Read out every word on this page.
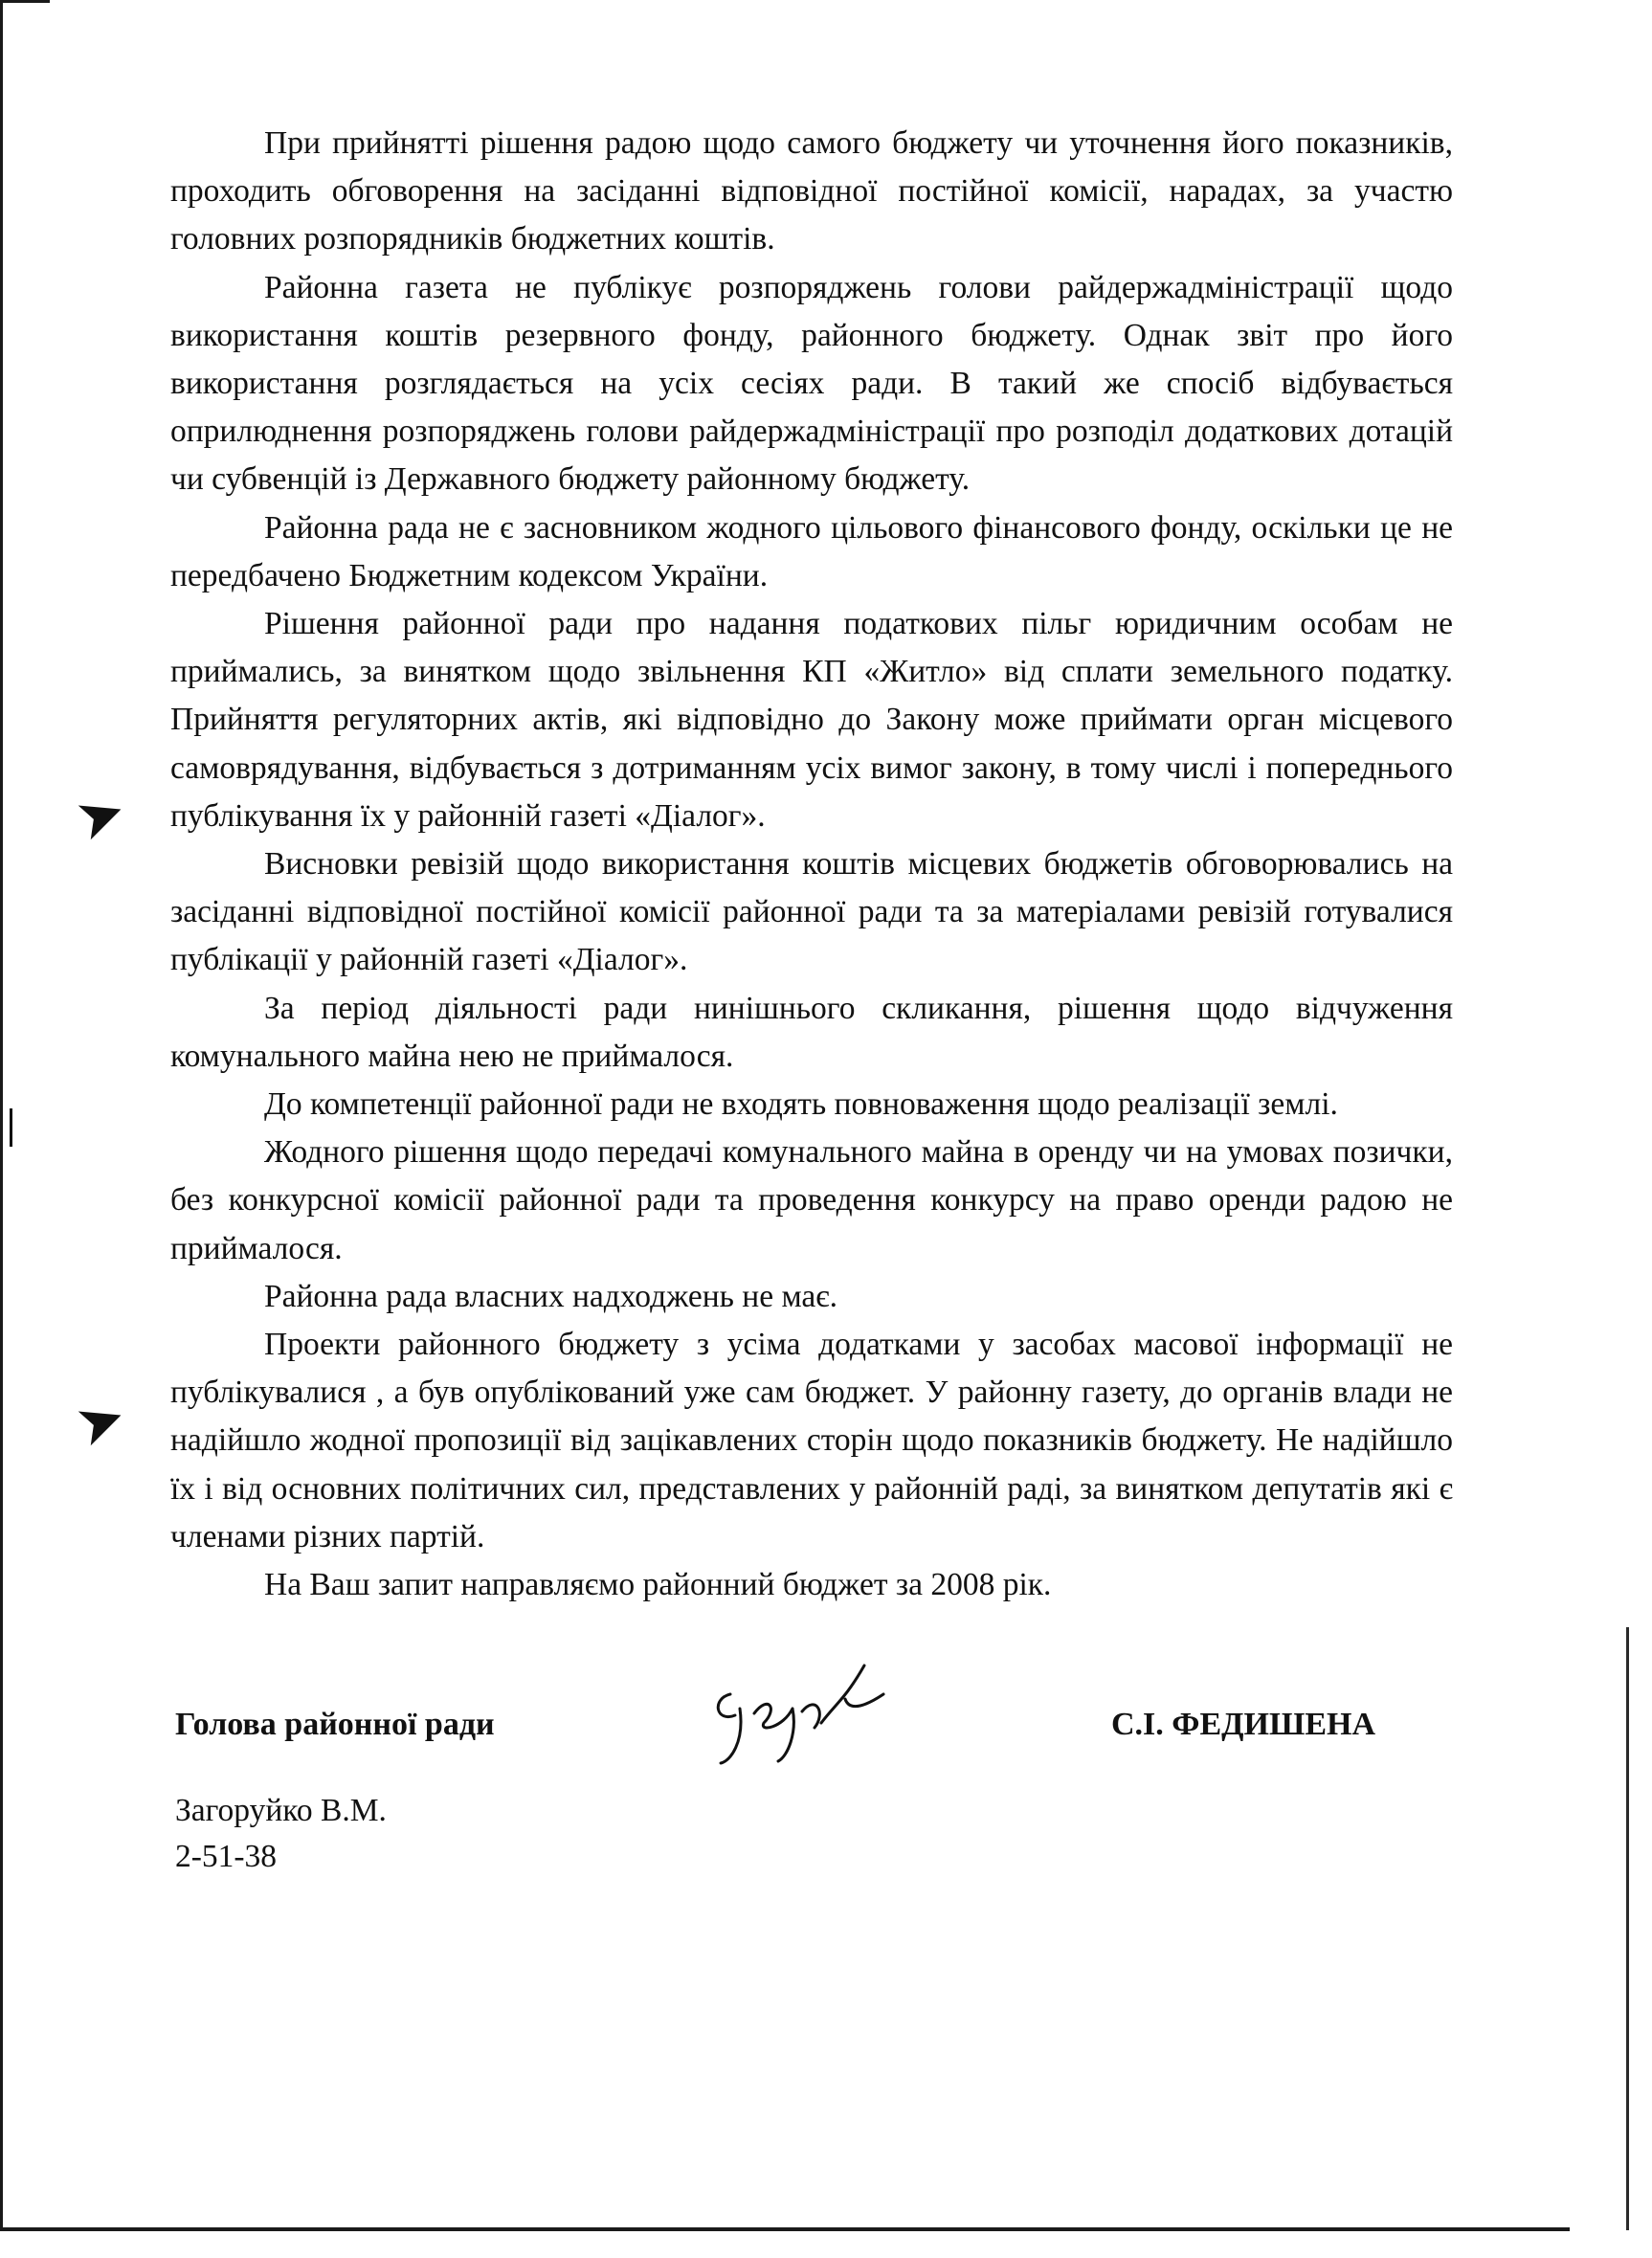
➤
➤

При прийнятті рішення радою щодо самого бюджету чи уточнення його показників, проходить обговорення на засіданні відповідної постійної комісії, нарадах, за участю головних розпорядників бюджетних коштів.

Районна газета не публікує розпоряджень голови райдержадміністрації щодо використання коштів резервного фонду, районного бюджету. Однак звіт про його використання розглядається на усіх сесіях ради. В такий же спосіб відбувається оприлюднення розпоряджень голови райдержадміністрації про розподіл додаткових дотацій чи субвенцій із Державного бюджету районному бюджету.

Районна рада не є засновником жодного цільового фінансового фонду, оскільки це не передбачено Бюджетним кодексом України.

Рішення районної ради про надання податкових пільг юридичним особам не приймались, за винятком щодо звільнення КП «Житло» від сплати земельного податку. Прийняття регуляторних актів, які відповідно до Закону може приймати орган місцевого самоврядування, відбувається з дотриманням усіх вимог закону, в тому числі і попереднього публікування їх у районній газеті «Діалог».

Висновки ревізій щодо використання коштів місцевих бюджетів обговорювались на засіданні відповідної постійної комісії районної ради та за матеріалами ревізій готувалися публікації у районній газеті «Діалог».

За період діяльності ради нинішнього скликання, рішення щодо відчуження комунального майна нею не приймалося.

До компетенції районної ради не входять повноваження щодо реалізації землі.

Жодного рішення щодо передачі комунального майна в оренду чи на умовах позички, без конкурсної комісії районної ради та проведення конкурсу на право оренди радою не приймалося.

Районна рада власних надходжень не має.

Проекти районного бюджету з усіма додатками у засобах масової інформації не публікувалися , а був опублікований уже сам бюджет. У районну газету, до органів влади не надійшло жодної пропозиції від зацікавлених сторін щодо показників бюджету. Не надійшло їх і від основних політичних сил, представлених у районній раді, за винятком депутатів які є членами різних партій.

На Ваш запит направляємо районний бюджет за 2008 рік.

Голова районної ради	С.І. ФЕДИШЕНА
Загоруйко В.М.
2-51-38
